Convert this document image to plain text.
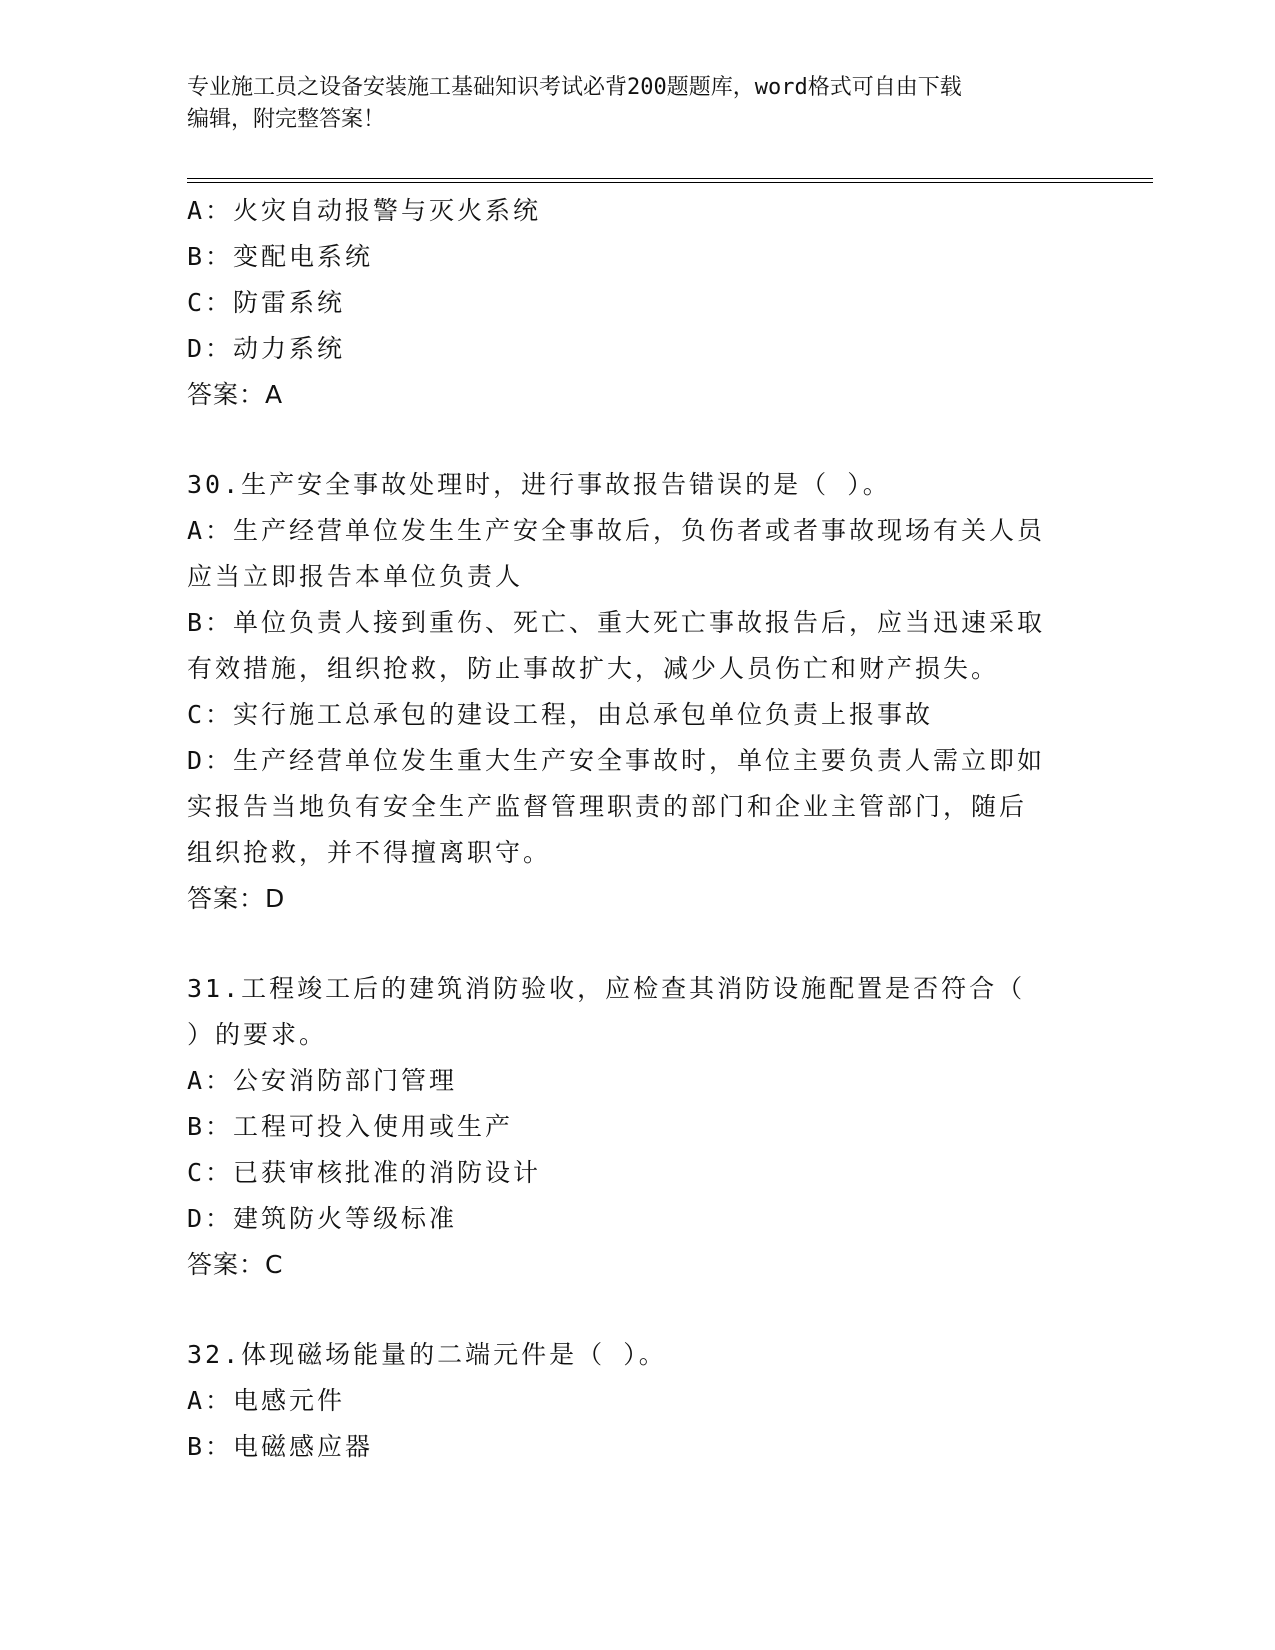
专业施工员之设备安装施工基础知识考试必背200题题库，word格式可自由下载
编辑，附完整答案！
A：火灾自动报警与灭火系统
B：变配电系统
C：防雷系统
D：动力系统
答案：A
30.生产安全事故处理时，进行事故报告错误的是（ ）。
A：生产经营单位发生生产安全事故后，负伤者或者事故现场有关人员
应当立即报告本单位负责人
B：单位负责人接到重伤、死亡、重大死亡事故报告后，应当迅速采取
有效措施，组织抢救，防止事故扩大，减少人员伤亡和财产损失。
C：实行施工总承包的建设工程，由总承包单位负责上报事故
D：生产经营单位发生重大生产安全事故时，单位主要负责人需立即如
实报告当地负有安全生产监督管理职责的部门和企业主管部门，随后
组织抢救，并不得擅离职守。
答案：D
31.工程竣工后的建筑消防验收，应检查其消防设施配置是否符合（
）的要求。
A：公安消防部门管理
B：工程可投入使用或生产
C：已获审核批准的消防设计
D：建筑防火等级标准
答案：C
32.体现磁场能量的二端元件是（ ）。
A：电感元件
B：电磁感应器
